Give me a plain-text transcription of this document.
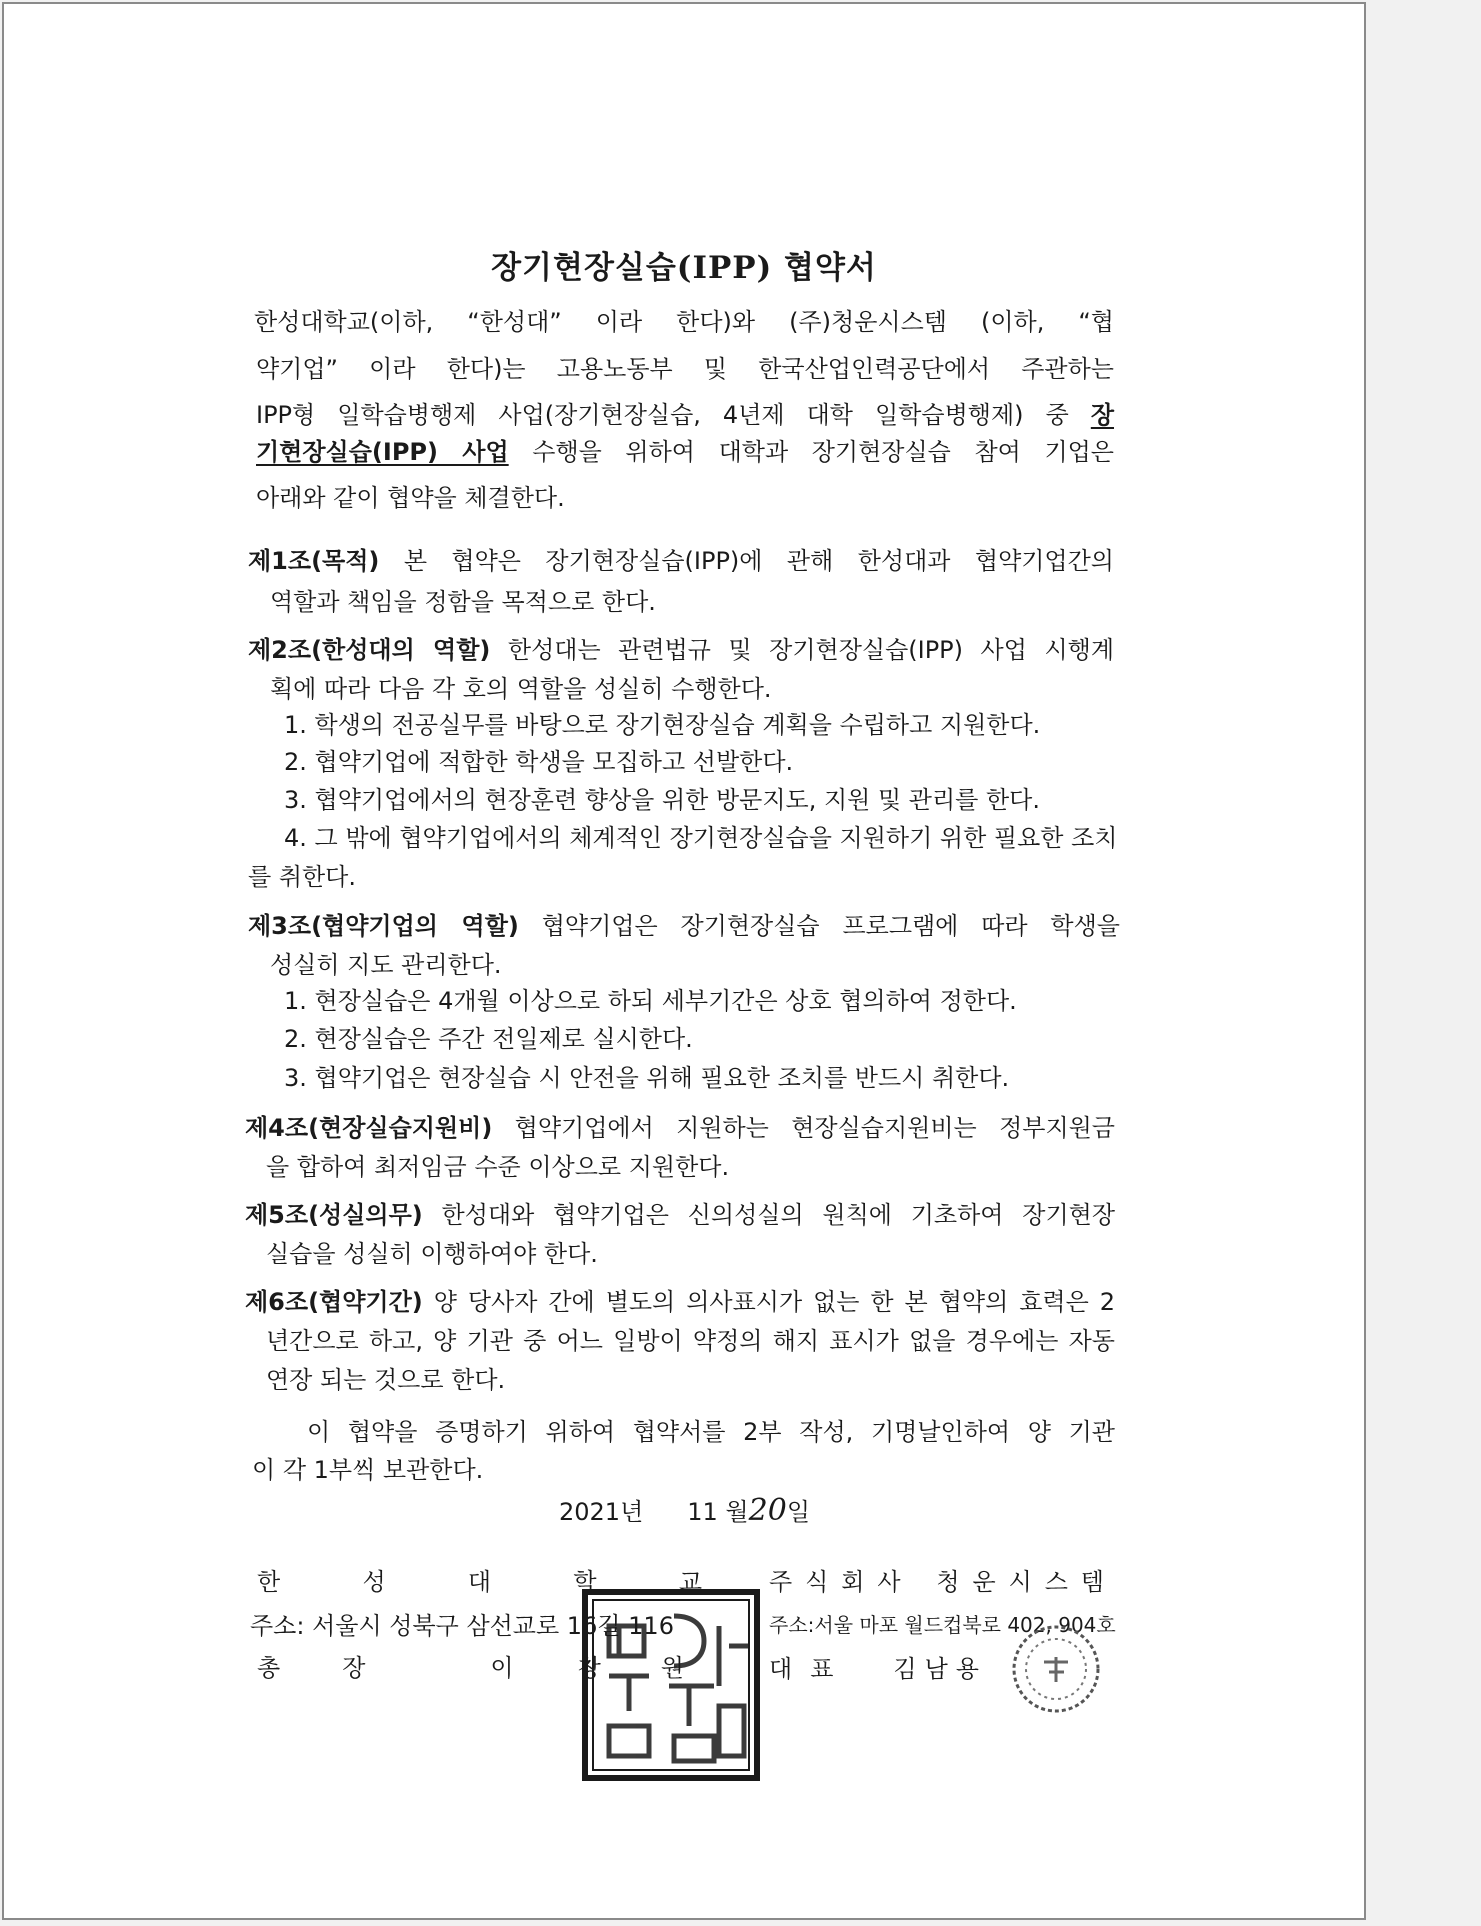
장기현장실습(IPP) 협약서
한성대학교(이하, “한성대” 이라 한다)와 (주)청운시스템 (이하, “협
약기업” 이라 한다)는 고용노동부 및 한국산업인력공단에서 주관하는
IPP형 일학습병행제 사업(장기현장실습, 4년제 대학 일학습병행제) 중 장
기현장실습(IPP) 사업 수행을 위하여 대학과 장기현장실습 참여 기업은
아래와 같이 협약을 체결한다.
제1조(목적) 본 협약은 장기현장실습(IPP)에 관해 한성대과 협약기업간의
역할과 책임을 정함을 목적으로 한다.
제2조(한성대의 역할) 한성대는 관련법규 및 장기현장실습(IPP) 사업 시행계
획에 따라 다음 각 호의 역할을 성실히 수행한다.
1. 학생의 전공실무를 바탕으로 장기현장실습 계획을 수립하고 지원한다.
2. 협약기업에 적합한 학생을 모집하고 선발한다.
3. 협약기업에서의 현장훈련 향상을 위한 방문지도, 지원 및 관리를 한다.
4. 그 밖에 협약기업에서의 체계적인 장기현장실습을 지원하기 위한 필요한 조치
를 취한다.
제3조(협약기업의 역할) 협약기업은 장기현장실습 프로그램에 따라 학생을
성실히 지도 관리한다.
1. 현장실습은 4개월 이상으로 하되 세부기간은 상호 협의하여 정한다.
2. 현장실습은 주간 전일제로 실시한다.
3. 협약기업은 현장실습 시 안전을 위해 필요한 조치를 반드시 취한다.
제4조(현장실습지원비) 협약기업에서 지원하는 현장실습지원비는 정부지원금
을 합하여 최저임금 수준 이상으로 지원한다.
제5조(성실의무) 한성대와 협약기업은 신의성실의 원칙에 기초하여 장기현장
실습을 성실히 이행하여야 한다.
제6조(협약기간) 양 당사자 간에 별도의 의사표시가 없는 한 본 협약의 효력은 2
년간으로 하고, 양 기관 중 어느 일방이 약정의 해지 표시가 없을 경우에는 자동
연장 되는 것으로 한다.
이 협약을 증명하기 위하여 협약서를 2부 작성, 기명날인하여 양 기관
이 각 1부씩 보관한다.
2021년 11 월20일
한	성	대	학	교
주소: 서울시 성북구 삼선교로 16길 116
총	장	이	창	원
주 식 회 사 청 운 시 스 템
주소:서울 마포 월드컵북로 402, 904호
대 표	김 남 용
